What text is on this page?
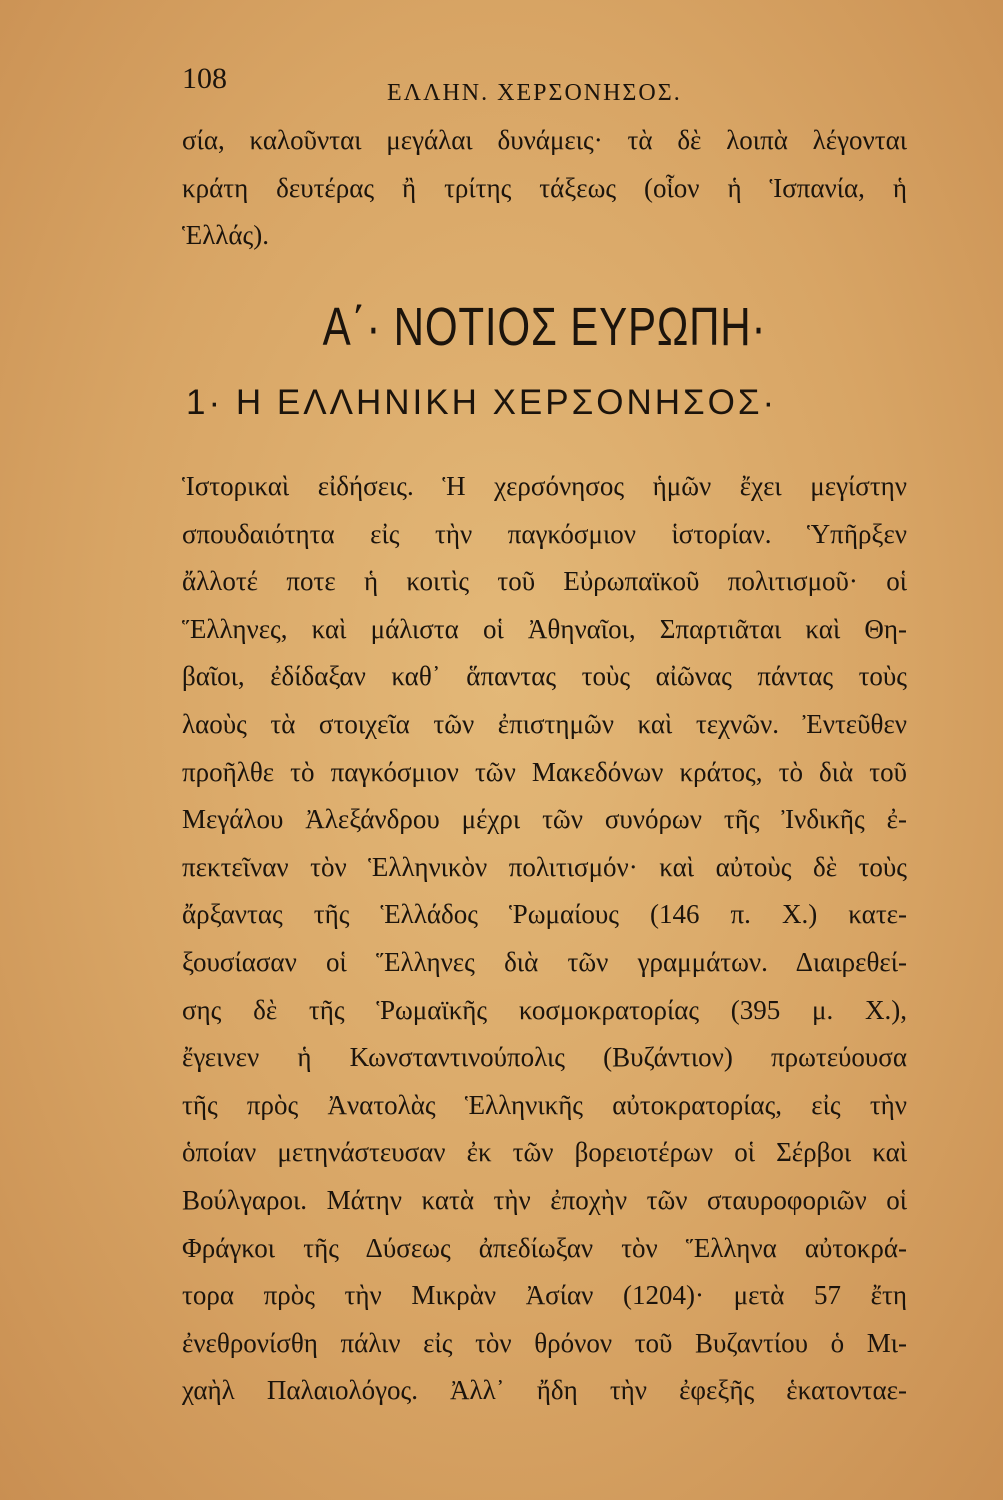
108	ΕΛΛΗΝ. ΧΕΡΣΟΝΗΣΟΣ.
σία, καλοῦνται μεγάλαι δυνάμεις· τὰ δὲ λοιπὰ λέγονται
κράτη δευτέρας ἢ τρίτης τάξεως (οἷον ἡ Ἱσπανία, ἡ
Ἑλλάς).
Α΄· ΝΟΤΙΟΣ ΕΥΡΩΠΗ·
1· Η ΕΛΛΗΝΙΚΗ ΧΕΡΣΟΝΗΣΟΣ·
Ἱστορικαὶ εἰδήσεις. Ἡ χερσόνησος ἡμῶν ἔχει μεγίστην
σπουδαιότητα εἰς τὴν παγκόσμιον ἱστορίαν. Ὑπῆρξεν
ἄλλοτέ ποτε ἡ κοιτὶς τοῦ Εὐρωπαϊκοῦ πολιτισμοῦ· οἱ
Ἕλληνες, καὶ μάλιστα οἱ Ἀθηναῖοι, Σπαρτιᾶται καὶ Θη-
βαῖοι, ἐδίδαξαν καθ᾽ ἅπαντας τοὺς αἰῶνας πάντας τοὺς
λαοὺς τὰ στοιχεῖα τῶν ἐπιστημῶν καὶ τεχνῶν. Ἐντεῦθεν
προῆλθε τὸ παγκόσμιον τῶν Μακεδόνων κράτος, τὸ διὰ τοῦ
Μεγάλου Ἀλεξάνδρου μέχρι τῶν συνόρων τῆς Ἰνδικῆς ἐ-
πεκτεῖναν τὸν Ἑλληνικὸν πολιτισμόν· καὶ αὐτοὺς δὲ τοὺς
ἄρξαντας τῆς Ἑλλάδος Ῥωμαίους (146 π. Χ.) κατε-
ξουσίασαν οἱ Ἕλληνες διὰ τῶν γραμμάτων. Διαιρεθεί-
σης δὲ τῆς Ῥωμαϊκῆς κοσμοκρατορίας (395 μ. Χ.),
ἔγεινεν ἡ Κωνσταντινούπολις (Βυζάντιον) πρωτεύουσα
τῆς πρὸς Ἀνατολὰς Ἑλληνικῆς αὐτοκρατορίας, εἰς τὴν
ὁποίαν μετηνάστευσαν ἐκ τῶν βορειοτέρων οἱ Σέρβοι καὶ
Βούλγαροι. Μάτην κατὰ τὴν ἐποχὴν τῶν σταυροφοριῶν οἱ
Φράγκοι τῆς Δύσεως ἀπεδίωξαν τὸν Ἕλληνα αὐτοκρά-
τορα πρὸς τὴν Μικρὰν Ἀσίαν (1204)· μετὰ 57 ἔτη
ἐνεθρονίσθη πάλιν εἰς τὸν θρόνον τοῦ Βυζαντίου ὁ Μι-
χαὴλ Παλαιολόγος. Ἀλλ᾽ ἤδη τὴν ἐφεξῆς ἑκατονταε-
